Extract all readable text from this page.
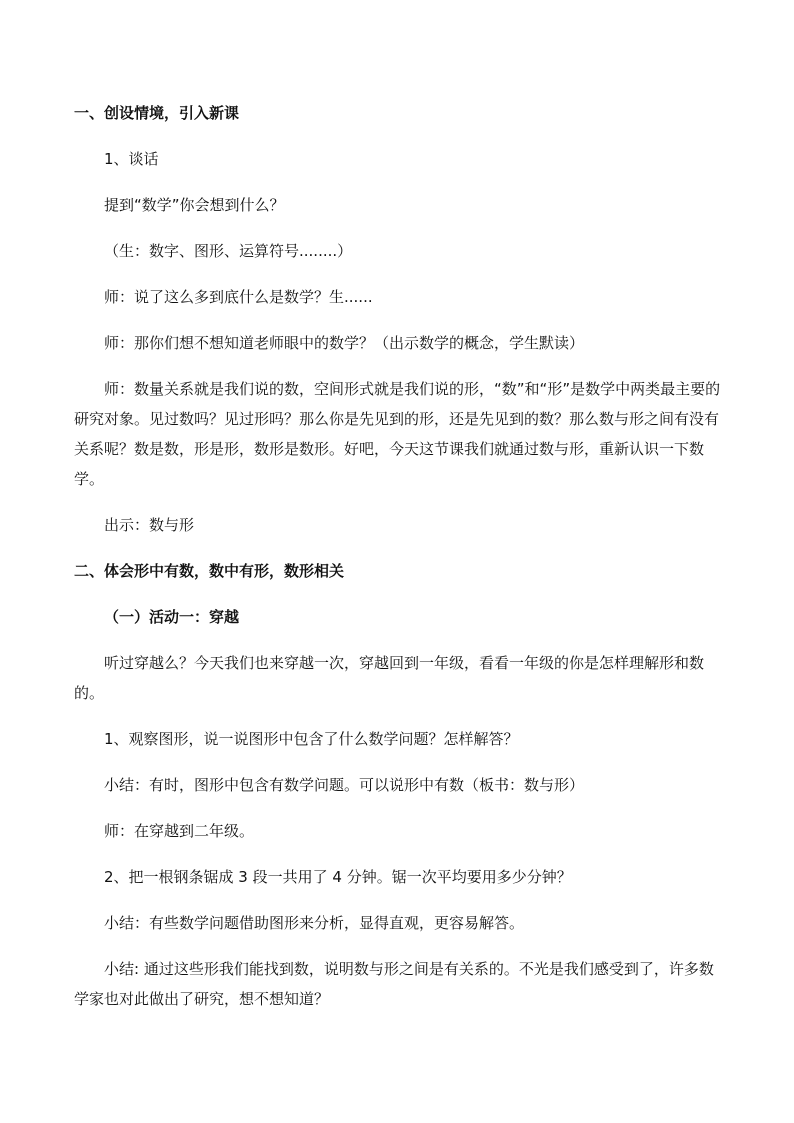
一、创设情境，引入新课
1、谈话
提到“数学”你会想到什么？
（生：数字、图形、运算符号........）
师：说了这么多到底什么是数学？生......
师：那你们想不想知道老师眼中的数学？（出示数学的概念，学生默读）
师：数量关系就是我们说的数，空间形式就是我们说的形，“数”和“形”是数学中两类最主要的研究对象。见过数吗？见过形吗？那么你是先见到的形，还是先见到的数？那么数与形之间有没有关系呢？数是数，形是形，数形是数形。好吧，今天这节课我们就通过数与形，重新认识一下数学。
出示：数与形
二、体会形中有数，数中有形，数形相关
（一）活动一：穿越
听过穿越么？今天我们也来穿越一次，穿越回到一年级，看看一年级的你是怎样理解形和数的。
1、观察图形，说一说图形中包含了什么数学问题？怎样解答？
小结：有时，图形中包含有数学问题。可以说形中有数（板书：数与形）
师：在穿越到二年级。
2、把一根钢条锯成 3 段一共用了 4 分钟。锯一次平均要用多少分钟？
小结：有些数学问题借助图形来分析，显得直观，更容易解答。
小结: 通过这些形我们能找到数，说明数与形之间是有关系的。不光是我们感受到了，许多数学家也对此做出了研究，想不想知道？
